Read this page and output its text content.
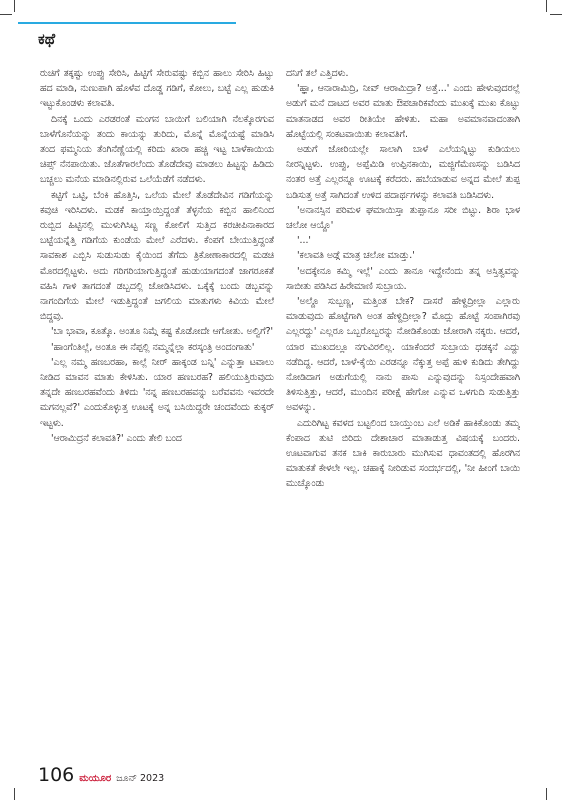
ಕಥೆ

ರುಚಿಗೆ ತಕ್ಕಷ್ಟು ಉಪ್ಪು ಸೇರಿಸಿ, ಹಿಟ್ಟಿಗೆ ಸೇರುವಷ್ಟು ಕಬ್ಬಿನ ಹಾಲು ಸೇರಿಸಿ ಹಿಟ್ಟು ಹದ ಮಾಡಿ, ನುಣುಪಾಗಿ ಹೊಳೆವ ದೊಡ್ಡ ಗಡಿಗೆ, ಕೋಲು, ಬಟ್ಟೆ ಎಲ್ಲ ಹುಡುಕಿ ಇಟ್ಟುಕೊಂಡಳು ಕಲಾವತಿ.

ದಿನಕ್ಕೆ ಒಂದು ಎರಡರಂತೆ ಮಂಗನ ಬಾಯಿಗೆ ಬಲಿಯಾಗಿ ನೆಲಕ್ಕೊರಗುವ ಬಾಳೆಗೊನೆಯನ್ನು ತಂದು ಕಾಯನ್ನು ತುರಿದು, ಮೊನ್ನೆ ಮೊನ್ನೆಯಷ್ಟೆ ಮಾಡಿಸಿ ತಂದ ಫಮ್ಮನಿಯ ತೆಂಗಿನೆಣ್ಣೆಯಲ್ಲಿ ಕರಿದು ಖಾರಾ ಹಚ್ಚಿ ಇಟ್ಟ ಬಾಳೆಕಾಯಿಯ ಚಿಪ್ಸ್ ನೆನಪಾಯಿತು. ಜೊತೆಗಾರಲೆಂದು ತೊಡೆದೇವು ಮಾಡಲು ಹಿಟ್ಟನ್ನು ಹಿಡಿದು ಬಚ್ಚಲು ಮನೆಯ ಮಾಡಿನಲ್ಲಿರುವ ಒಲೆಯೆಡೆಗೆ ನಡೆದಳು.

ಕಟ್ಟಿಗೆ ಒಟ್ಟಿ, ಬೆಂಕಿ ಹೊತ್ತಿಸಿ, ಒಲೆಯ ಮೇಲೆ ತೊಡೆದೇವಿನ ಗಡಿಗೆಯನ್ನು ಕವುಚಿ ಇರಿಸಿದಳು. ಮಡಕೆ ಕಾಯ್ತಾಯ್ತಿದ್ದಂತೆ ತೆಳ್ಳನೆಯ ಕಬ್ಬಿನ ಹಾಲಿನಿಂದ ರುಬ್ಬಿದ ಹಿಟ್ಟಿನಲ್ಲಿ ಮುಳುಗಿಸಿಟ್ಟ ಸಣ್ಣ ಕೋಲಿಗೆ ಸುತ್ತಿದ ಕರಚೀಪಿನಾಕಾರದ ಬಟ್ಟೆಯನ್ನೆತ್ತಿ ಗಡಿಗೆಯ ಕುಂಡೆಯ ಮೇಲೆ ಎರೆದಳು. ಕೆಂಪಗೆ ಬೇಯುತ್ತಿದ್ದಂತೆ ಸಾವಕಾಶ ಎಬ್ಬಿಸಿ ಸುಡುಸುಡು ಕೈಯಿಂದ ತೆಗೆದು ತ್ರಿಕೋಣಾಕಾರದಲ್ಲಿ ಮಡಚಿ ಮೊರದಲ್ಲಿಟ್ಟಳು. ಅದು ಗರಿಗರಿಯಾಗುತ್ತಿದ್ದಂತೆ ಹುಡುಯಾಗದಂತೆ ಜಾಗರೂಕತೆ ವಹಿಸಿ ಗಾಳಿ ತಾಗದಂತೆ ಡಬ್ಬದಲ್ಲಿ ಜೋಡಿಸಿದಳು. ಒಕ್ಕೆಕ್ಕೆ ಬಂದು ಡಬ್ಬವನ್ನು ನಾಗಂದಿಗೆಯ ಮೇಲೆ ಇಡುತ್ತಿದ್ದಂತೆ ಜಗಲಿಯ ಮಾತುಗಳು ಕಿವಿಯ ಮೇಲೆ ಬಿದ್ದವು.

'ಬಾ ಭಾವಾ, ಕೂತ್ಕೊ. ಅಂತೂ ನಿಮ್ಗೆ ಕಷ್ಟ ಕೊಡೋದೇ ಆಗೋತು. ಅಲ್ವಿಗೆ?'

'ಹಾಂಗೆಂತಿಲ್ಲೆ, ಅಂತೂ ಈ ನೆಪ್ಪಲ್ಲಿ ನಮ್ಮನ್ನೆಲ್ಲಾ ಕರಸ್ಕಂತ್ರಿ ಅಂದಂಗಾತು'

'ಎಲ್ಲ ನಮ್ಮ ಹಣಬರಹಾ, ಕಾಲ್ಲೆ ನೀರ್ ಹಾಕ್ಕಂಡ ಬನ್ನಿ' ಎನ್ನುತ್ತಾ ಟವಾಲು ನೀಡಿದ ಮಾವನ ಮಾತು ಕೇಳಿಸಿತು. ಯಾರ ಹಣಬರಹ? ಹಲಿಯುತ್ತಿರುವುದು ತನ್ನದೇ ಹಣಬರಹವೆಂದು ತಿಳಿದು 'ನನ್ನ ಹಣಬರಹವನ್ನು ಬರೆವವನು ಇವರದೇ ಮಗನಲ್ಲವೆ?' ಎಂದುಕೊಳ್ಳುತ್ತ ಊಟಕ್ಕೆ ಅನ್ನ ಬಸಿಯಿದ್ದರೇ ಚಂದವೆಂದು ಕುಕ್ಕರ್ ಇಟ್ಟಳು.

'ಆರಾಮಿದ್ರನೆ ಕಲಾವತಿ?' ಎಂದು ತೇಲಿ ಬಂದ

ದನಿಗೆ ತಲೆ ಎತ್ತಿದಳು.

'ಹ್ಞಾ, ಆನಾರಾಮಿದ್ರಿ, ನೀವ್ ಆರಾಮಿದ್ರಾ? ಅತ್ತೆ...' ಎಂದು ಹೇಳುವುದರಲ್ಲೆ ಅಡುಗೆ ಮನೆ ದಾಟದ ಅವರ ಮಾತು ಔಪಚಾರಿಕವೆಂದು ಮುಖಕ್ಕೆ ಮುಖ ಕೊಟ್ಟು ಮಾತನಾಡದ ಅವರ ರೀತಿಯೇ ಹೇಳಿತು. ಮಹಾ ಅವಮಾನವಾದಂತಾಗಿ ಹೊಟ್ಟೆಯಲ್ಲಿ ಸಂಕಟವಾಯಿತು ಕಲಾವತಿಗೆ.

ಅಡುಗೆ ಜೋರಿಯಲ್ಲೇ ಸಾಲಾಗಿ ಬಾಳೆ ಎಲೆಯನ್ನಿಟ್ಟು ಕುಡಿಯಲು ನೀರನ್ನಿಟ್ಟಳು. ಉಪ್ಪು, ಅಪ್ಪೆಮಿಡಿ ಉಪ್ಪಿನಕಾಯಿ, ಮಜ್ಜಿಗೆಮೆಣಸನ್ನು ಬಡಿಸಿದ ನಂತರ ಅತ್ತೆ ಎಲ್ಲರನ್ನೂ ಊಟಕ್ಕೆ ಕರೆದರು. ಹಬೆಯಾಡುವ ಅನ್ನದ ಮೇಲೆ ತುಪ್ಪ ಬಡಿಸುತ್ತ ಅತ್ತೆ ಸಾಗಿದಂತೆ ಉಳಿದ ಪದಾರ್ಥಗಳನ್ನು ಕಲಾವತಿ ಬಡಿಸಿದಳು.

'ಅನಾನಸ್ಸಿನ ಪರಿಮಳ ಘಮಾಯಿಸ್ತಾ ತುಪ್ಪಾನೂ ಸರೀ ಬಿಟ್ಟು. ಶಿರಾ ಭಾಳ ಚಲೋ ಆಯ್ದೊ'

'...'

'ಕಲಾವತಿ ಅಡ್ಗೆ ಮಾತ್ರ ಚಲೋ ಮಾಡ್ತು.'

'ಅದಕ್ಕೇನೂ ಕಮ್ಮಿ ಇಲ್ಲೆ' ಎಂದು ತಾನೂ ಇದ್ದೇನೆಂದು ತನ್ನ ಅಸ್ತಿತ್ವವನ್ನು ಸಾಬೀತು ಪಡಿಸಿದ ಹಿರೇಮಾಣಿ ಸುಬ್ರಾಯ.

'ಅಲ್ದೊ ಸುಬ್ಬಣ್ಣ, ಮತ್ತಿಂತ ಬೇಕ? ದಾಸರೆ ಹೇಳ್ದಿದ್ರೀಲ್ಲಾ ಎಲ್ಲಾರು ಮಾಡುವುದು ಹೊಟ್ಟೆಗಾಗಿ ಅಂತ ಹೇಳ್ದಿದ್ರೀಲ್ಲಾ? ಮೊದ್ಲು ಹೊಟ್ಟೆ ಸಂಪಾಗಿರವು ಎಲ್ಲರದ್ದು' ಎಲ್ಲರೂ ಒಬ್ಬರೊಬ್ಬರನ್ನು ನೋಡಿಕೊಂಡು ಜೋರಾಗಿ ನಕ್ಕರು. ಆದರೆ, ಯಾರ ಮುಖದಲ್ಲೂ ನಗುವಿರಲಿಲ್ಲ. ಯಾಕೆಂದರೆ ಸುಬ್ರಾಯ ಧಡಕ್ಕನೆ ಎದ್ದು ನಡೆದಿದ್ದ. ಆದರೆ, ಬಾಳೆ-ಕೈಯಿ ಎರಡನ್ನೂ ನೆಕ್ಕುತ್ತ ಅಪ್ಪೆ ಹುಳಿ ಕುಡಿದು ತೇಗಿದ್ದು ನೋಡಿದಾಗ ಅಡುಗೆಯಲ್ಲಿ ನಾನು ಪಾಸು ಎನ್ನುವುದನ್ನು ನಿಸ್ಸಂದೇಹವಾಗಿ ತಿಳಿಸುತ್ತಿತ್ತು, ಆದರೆ, ಮುಂದಿನ ಪರೀಕ್ಷೆ ಹೇಗೋ ಎನ್ನುವ ಒಳಗುದಿ ಸುಡುತ್ತಿತ್ತು ಅವಳನ್ನು.

ಎದುರಿಗಿಟ್ಟ ಕವಳದ ಬಟ್ಟಲಿಂದ ಬಾಯ್ತುಂಬ ಎಲೆ ಅಡಿಕೆ ಹಾಕಿಕೊಂಡು ತಮ್ಮ ಕೆಂಪಾದ ತುಟಿ ಬಿರಿದು ದೇಶಾಚಾರ ಮಾತಾಡುತ್ತ ವಿಷಯಕ್ಕೆ ಬಂದರು. ಊಟವಾಗುವ ತನಕ ಬಾಕಿ ಕಾರುಬಾರು ಮುಗಿಸುವ ಧಾವಂತದಲ್ಲಿ ಹೊರಗಿನ ಮಾತುಕತೆ ಕೇಳಲೇ ಇಲ್ಲ. ಚಹಾಕ್ಕೆ ನೀರಿಡುವ ಸಂದರ್ಭದಲ್ಲಿ, 'ನೀ ಹೀಂಗೆ ಬಾಯಿ ಮುಚ್ಕೊಂಡು

106 ಮಯೂರ ಜೂನ್ 2023
